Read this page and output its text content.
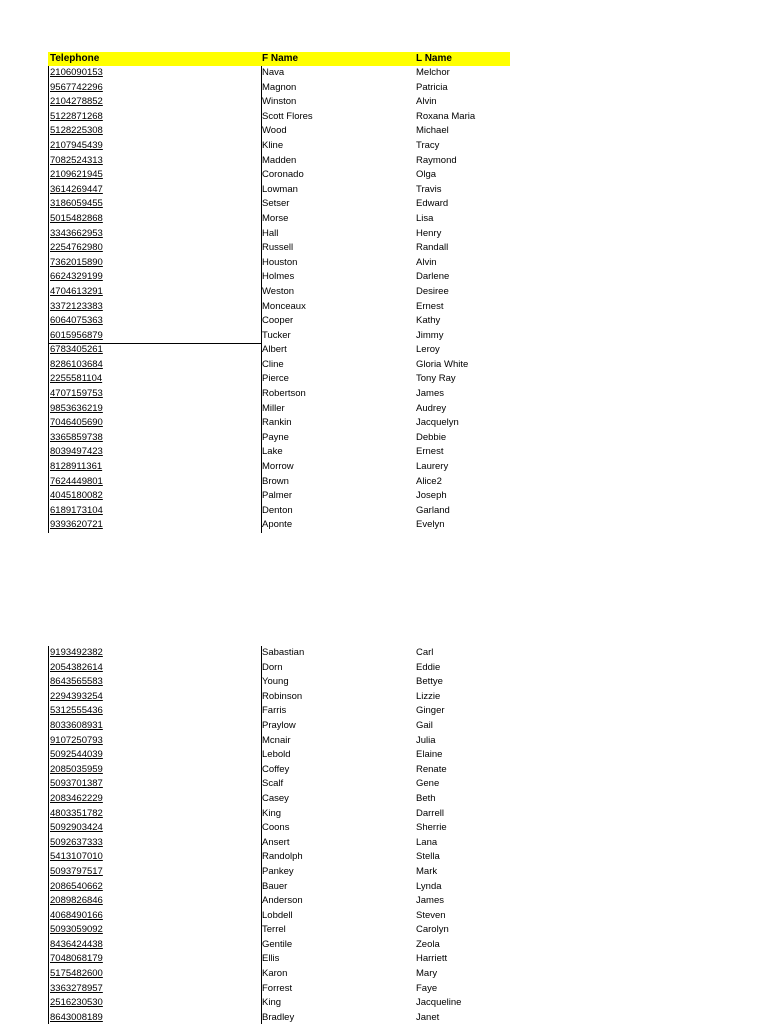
Telephone	F Name	L Name
2106090153	Nava	Melchor
9567742296	Magnon	Patricia
2104278852	Winston	Alvin
5122871268	Scott Flores	Roxana Maria
5128225308	Wood	Michael
2107945439	Kline	Tracy
7082524313	Madden	Raymond
2109621945	Coronado	Olga
3614269447	Lowman	Travis
3186059455	Setser	Edward
5015482868	Morse	Lisa
3343662953	Hall	Henry
2254762980	Russell	Randall
7362015890	Houston	Alvin
6624329199	Holmes	Darlene
4704613291	Weston	Desiree
3372123383	Monceaux	Ernest
6064075363	Cooper	Kathy
6015956879	Tucker	Jimmy
6783405261	Albert	Leroy
8286103684	Cline	Gloria White
2255581104	Pierce	Tony Ray
4707159753	Robertson	James
9853636219	Miller	Audrey
7046405690	Rankin	Jacquelyn
3365859738	Payne	Debbie
8039497423	Lake	Ernest
8128911361	Morrow	Laurery
7624449801	Brown	Alice2
4045180082	Palmer	Joseph
6189173104	Denton	Garland
9393620721	Aponte	Evelyn
9193492382	Sabastian	Carl
2054382614	Dorn	Eddie
8643565583	Young	Bettye
2294393254	Robinson	Lizzie
5312555436	Farris	Ginger
8033608931	Praylow	Gail
9107250793	Mcnair	Julia
5092544039	Lebold	Elaine
2085035959	Coffey	Renate
5093701387	Scalf	Gene
2083462229	Casey	Beth
4803351782	King	Darrell
5092903424	Coons	Sherrie
5092637333	Ansert	Lana
5413107010	Randolph	Stella
5093797517	Pankey	Mark
2086540662	Bauer	Lynda
2089826846	Anderson	James
4068490166	Lobdell	Steven
5093059092	Terrel	Carolyn
8436424438	Gentile	Zeola
7048068179	Ellis	Harriett
5175482600	Karon	Mary
3363278957	Forrest	Faye
2516230530	King	Jacqueline
8643008189	Bradley	Janet
